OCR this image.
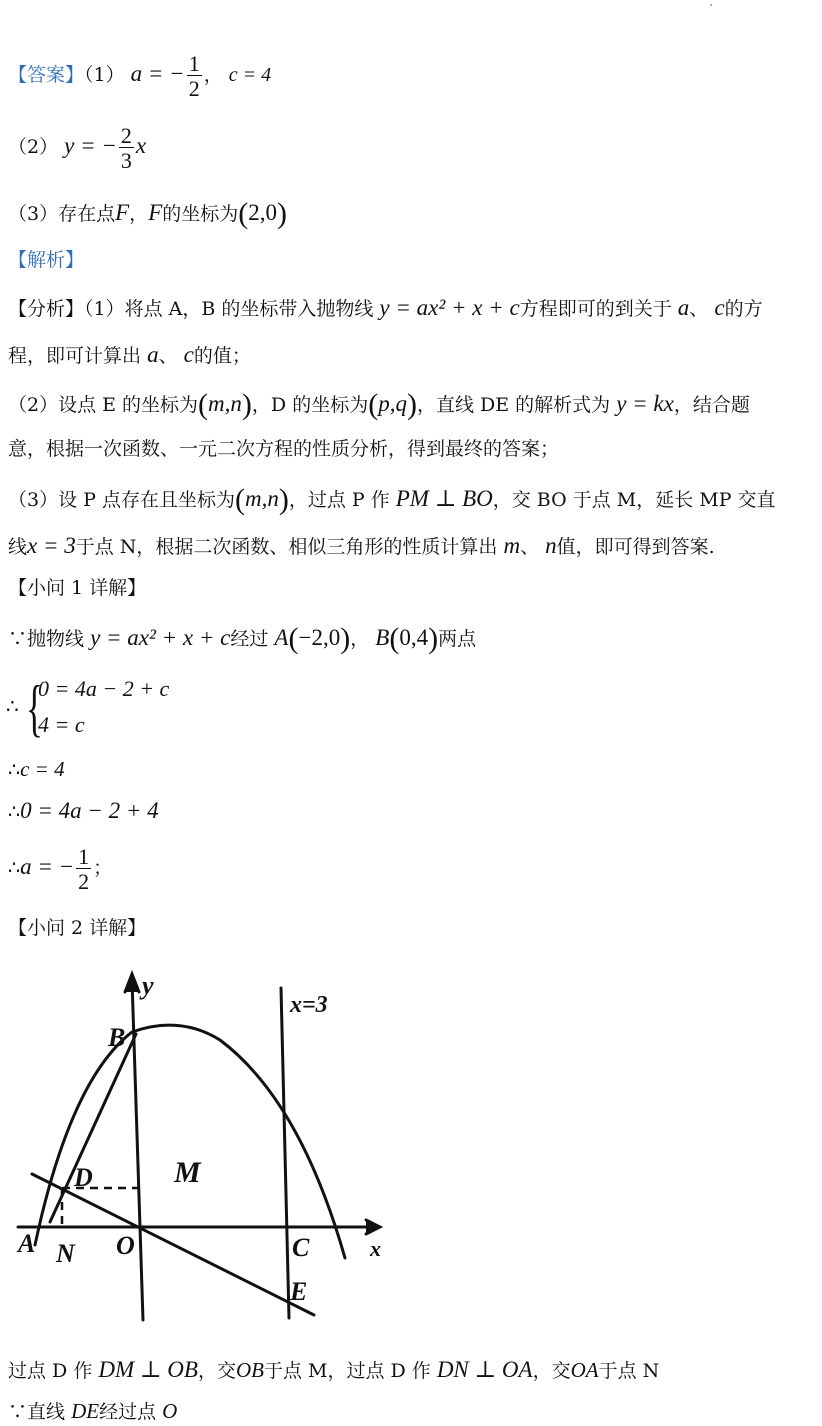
【答案】（1） a = − $\frac{1}{2}$ ， c = 4
（2） y = − $\frac{2}{3}$ x
（3）存在点F，F的坐标为(2,0)
【解析】
【分析】（1）将点 A，B 的坐标带入抛物线 y = ax² + x + c方程即可的到关于 a、 c的方
程，即可计算出 a、 c的值；
（2）设点 E 的坐标为(m,n)，D 的坐标为(p,q)，直线 DE 的解析式为 y = kx，结合题
意，根据一次函数、一元二次方程的性质分析，得到最终的答案；
（3）设 P 点存在且坐标为(m,n)，过点 P 作 PM ⊥ BO，交 BO 于点 M，延长 MP 交直
线x = 3于点 N，根据二次函数、相似三角形的性质计算出 m、 n值，即可得到答案.
【小问 1 详解】
∵抛物线 y = ax² + x + c经过 A(−2,0)， B(0,4)两点
∴ {
0 = 4a − 2 + c
4 = c
∴c = 4
∴0 = 4a − 2 + 4
∴a = − $\frac{1}{2}$ ；
【小问 2 详解】
y
x
x=3
B
D	M
A N O	C
E
过点 D 作 DM ⊥ OB，交OB于点 M，过点 D 作 DN ⊥ OA，交OA于点 N
∵直线 DE经过点 O
